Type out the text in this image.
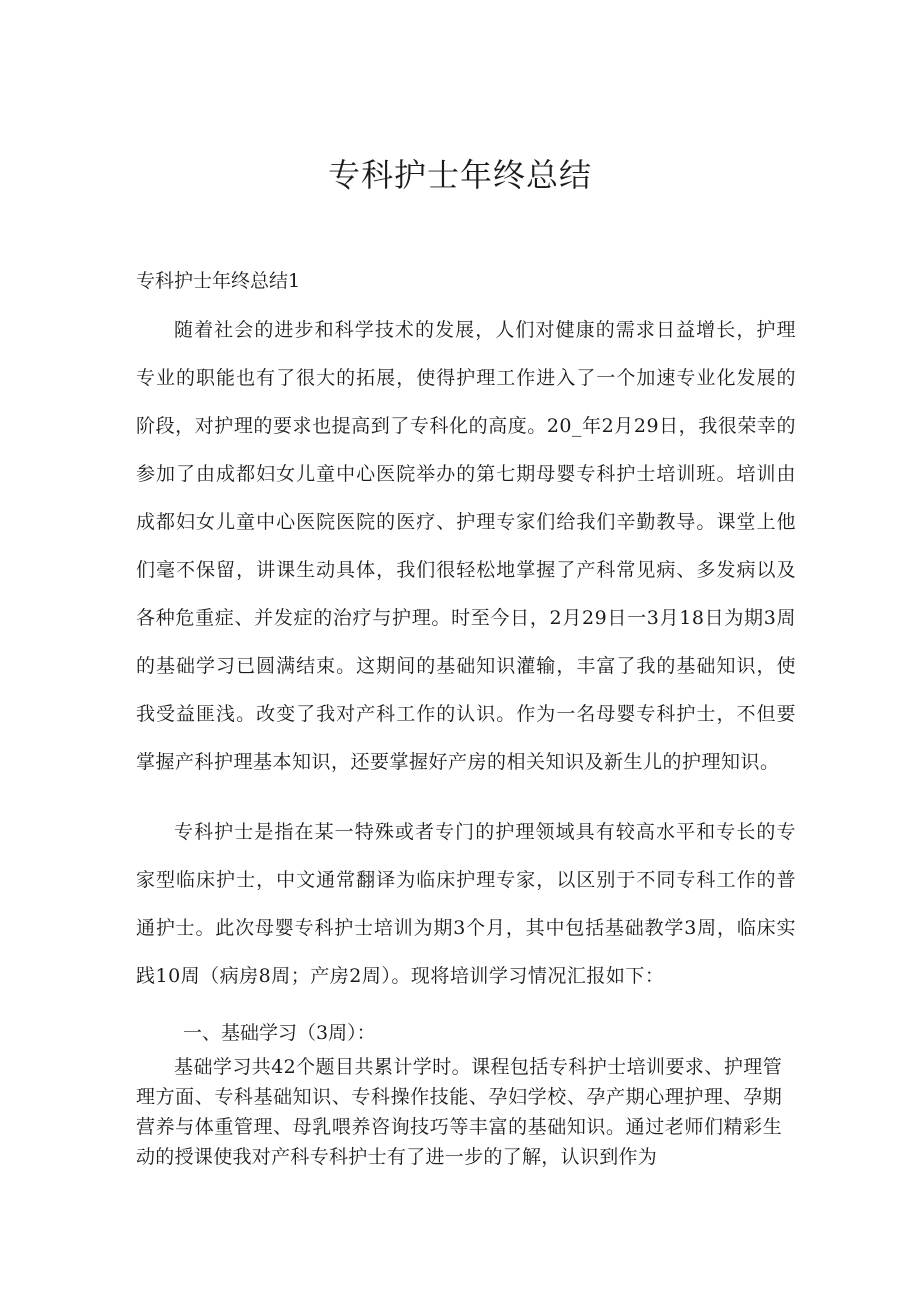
专科护士年终总结

专科护士年终总结1

随着社会的进步和科学技术的发展，人们对健康的需求日益增长，护理专业的职能也有了很大的拓展，使得护理工作进入了一个加速专业化发展的阶段，对护理的要求也提高到了专科化的高度。20_年2月29日，我很荣幸的参加了由成都妇女儿童中心医院举办的第七期母婴专科护士培训班。培训由成都妇女儿童中心医院医院的医疗、护理专家们给我们辛勤教导。课堂上他们毫不保留，讲课生动具体，我们很轻松地掌握了产科常见病、多发病以及各种危重症、并发症的治疗与护理。时至今日，2月29日一3月18日为期3周的基础学习已圆满结束。这期间的基础知识灌输，丰富了我的基础知识，使我受益匪浅。改变了我对产科工作的认识。作为一名母婴专科护士，不但要掌握产科护理基本知识，还要掌握好产房的相关知识及新生儿的护理知识。

专科护士是指在某一特殊或者专门的护理领域具有较高水平和专长的专家型临床护士，中文通常翻译为临床护理专家，以区别于不同专科工作的普通护士。此次母婴专科护士培训为期3个月，其中包括基础教学3周，临床实践10周（病房8周；产房2周）。现将培训学习情况汇报如下：

一、基础学习（3周）：

基础学习共42个题目共累计学时。课程包括专科护士培训要求、护理管理方面、专科基础知识、专科操作技能、孕妇学校、孕产期心理护理、孕期营养与体重管理、母乳喂养咨询技巧等丰富的基础知识。通过老师们精彩生动的授课使我对产科专科护士有了进一步的了解，认识到作为
